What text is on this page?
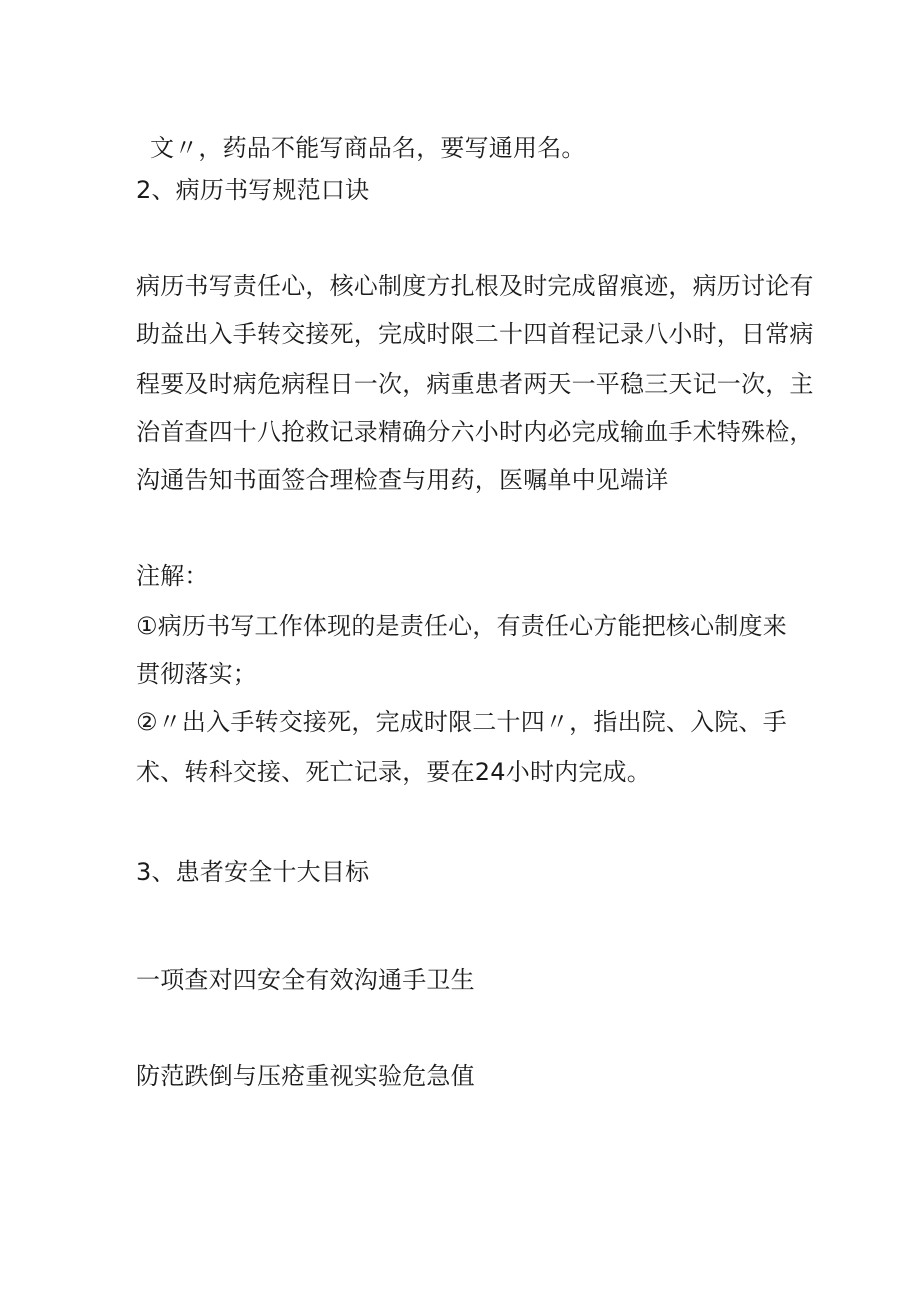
文〃，药品不能写商品名，要写通用名。
2、病历书写规范口诀
病历书写责任心，核心制度方扎根及时完成留痕迹，病历讨论有
助益出入手转交接死，完成时限二十四首程记录八小时，日常病
程要及时病危病程日一次，病重患者两天一平稳三天记一次，主
治首查四十八抢救记录精确分六小时内必完成输血手术特殊检，
沟通告知书面签合理检查与用药，医嘱单中见端详
注解：
①病历书写工作体现的是责任心，有责任心方能把核心制度来
贯彻落实；
②〃出入手转交接死，完成时限二十四〃，指出院、入院、手
术、转科交接、死亡记录，要在24小时内完成。
3、患者安全十大目标
一项查对四安全有效沟通手卫生
防范跌倒与压疮重视实验危急值
